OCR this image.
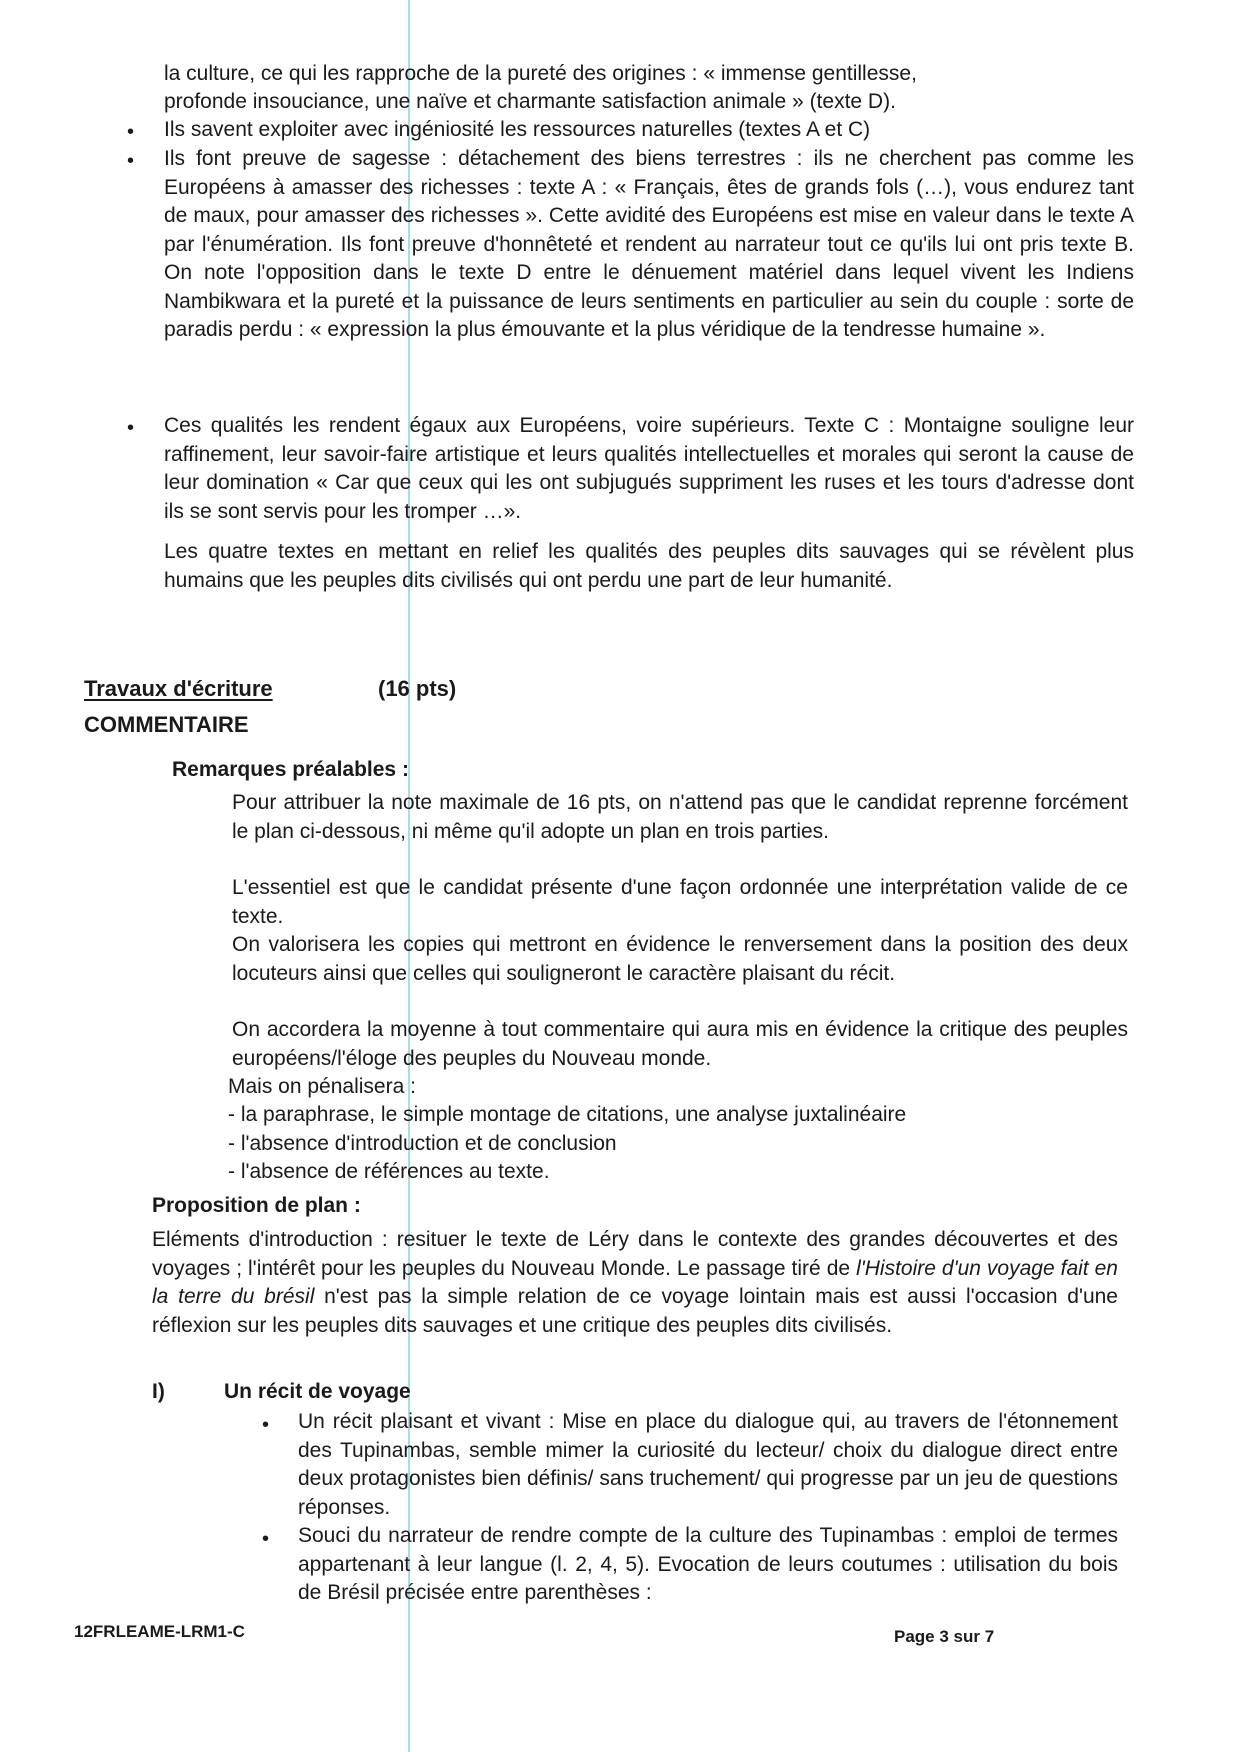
la culture, ce qui les rapproche de la pureté des origines : « immense gentillesse,

profonde insouciance, une naïve et charmante satisfaction animale » (texte D).

• Ils savent exploiter avec ingéniosité les ressources naturelles (textes A et C)

• Ils font preuve de sagesse : détachement des biens terrestres : ils ne cherchent pas comme les Européens à amasser des richesses : texte A : « Français, êtes de grands fols (…), vous endurez tant de maux, pour amasser des richesses ». Cette avidité des Européens est mise en valeur dans le texte A par l'énumération. Ils font preuve d'honnêteté et rendent au narrateur tout ce qu'ils lui ont pris texte B. On note l'opposition dans le texte D entre le dénuement matériel dans lequel vivent les Indiens Nambikwara et la pureté et la puissance de leurs sentiments en particulier au sein du couple : sorte de paradis perdu : « expression la plus émouvante et la plus véridique de la tendresse humaine ».

• Ces qualités les rendent égaux aux Européens, voire supérieurs. Texte C : Montaigne souligne leur raffinement, leur savoir-faire artistique et leurs qualités intellectuelles et morales qui seront la cause de leur domination « Car que ceux qui les ont subjugués suppriment les ruses et les tours d'adresse dont ils se sont servis pour les tromper …».

Les quatre textes en mettant en relief les qualités des peuples dits sauvages qui se révèlent plus humains que les peuples dits civilisés qui ont perdu une part de leur humanité.

Travaux d'écriture	(16 pts)
COMMENTAIRE
Remarques préalables :

Pour attribuer la note maximale de 16 pts, on n'attend pas que le candidat reprenne forcément le plan ci-dessous, ni même qu'il adopte un plan en trois parties.

L'essentiel est que le candidat présente d'une façon ordonnée une interprétation valide de ce texte.

On valorisera les copies qui mettront en évidence le renversement dans la position des deux locuteurs ainsi que celles qui souligneront le caractère plaisant du récit.

On accordera la moyenne à tout commentaire qui aura mis en évidence la critique des peuples européens/l'éloge des peuples du Nouveau monde.

Mais on pénalisera :

- la paraphrase, le simple montage de citations, une analyse juxtalinéaire
- l'absence d'introduction et de conclusion
- l'absence de références au texte.
Proposition de plan :

Eléments d'introduction : resituer le texte de Léry dans le contexte des grandes découvertes et des voyages ; l'intérêt pour les peuples du Nouveau Monde. Le passage tiré de l'Histoire d'un voyage fait en la terre du brésil n'est pas la simple relation de ce voyage lointain mais est aussi l'occasion d'une réflexion sur les peuples dits sauvages et une critique des peuples dits civilisés.

I)	Un récit de voyage
• Un récit plaisant et vivant : Mise en place du dialogue qui, au travers de l'étonnement des Tupinambas, semble mimer la curiosité du lecteur/ choix du dialogue direct entre deux protagonistes bien définis/ sans truchement/ qui progresse par un jeu de questions réponses.

• Souci du narrateur de rendre compte de la culture des Tupinambas : emploi de termes appartenant à leur langue (l. 2, 4, 5). Evocation de leurs coutumes : utilisation du bois de Brésil précisée entre parenthèses :

12FRLEAME-LRM1-C	Page 3 sur 7
